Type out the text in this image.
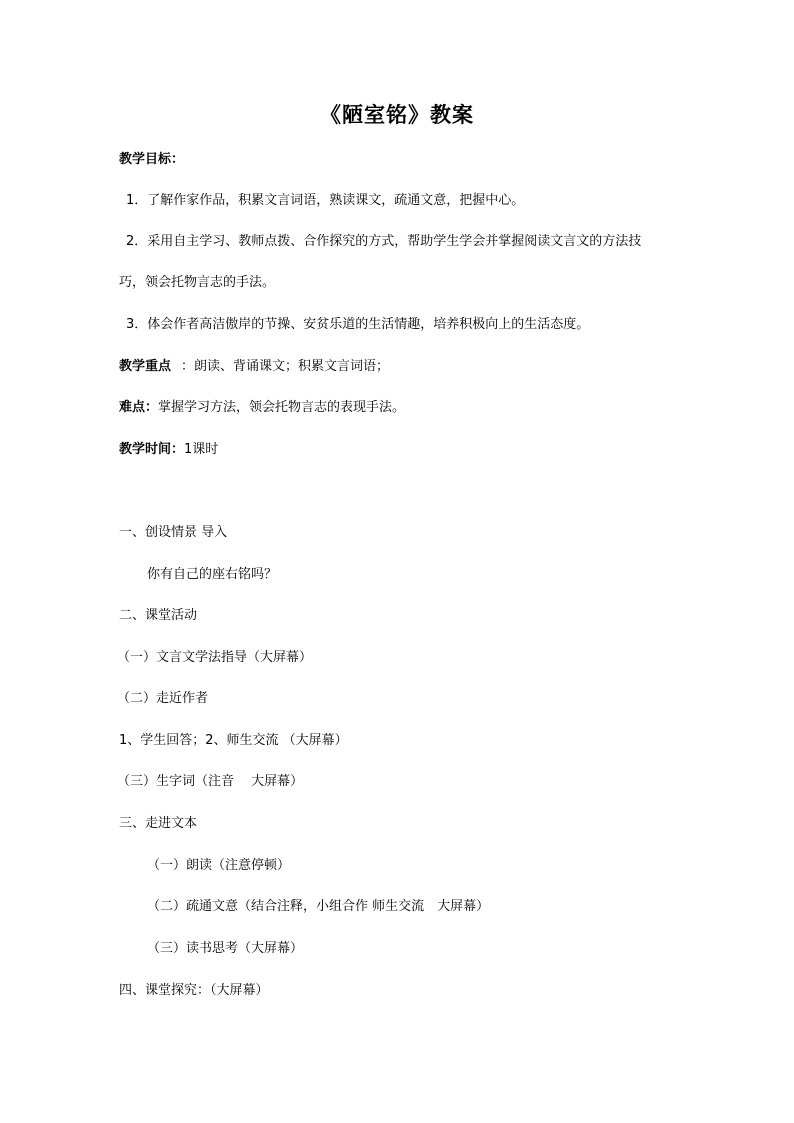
《陋室铭》教案
教学目标：
1．了解作家作品，积累文言词语，熟读课文，疏通文意，把握中心。
2．采用自主学习、教师点拨、合作探究的方式，帮助学生学会并掌握阅读文言文的方法技
巧，领会托物言志的手法。
3．体会作者高洁傲岸的节操、安贫乐道的生活情趣，培养积极向上的生活态度。
教学重点 ：朗读、背诵课文；积累文言词语；
难点：掌握学习方法，领会托物言志的表现手法。
教学时间：1课时
一、创设情景 导入
你有自己的座右铭吗？
二、课堂活动
（一）文言文学法指导（大屏幕）
（二）走近作者
1、学生回答；2、师生交流 （大屏幕）
（三）生字词（注音　 大屏幕）
三、走进文本
（一）朗读（注意停顿）
（二）疏通文意（结合注释，小组合作 师生交流　大屏幕）
（三）读书思考（大屏幕）
四、课堂探究：（大屏幕）
